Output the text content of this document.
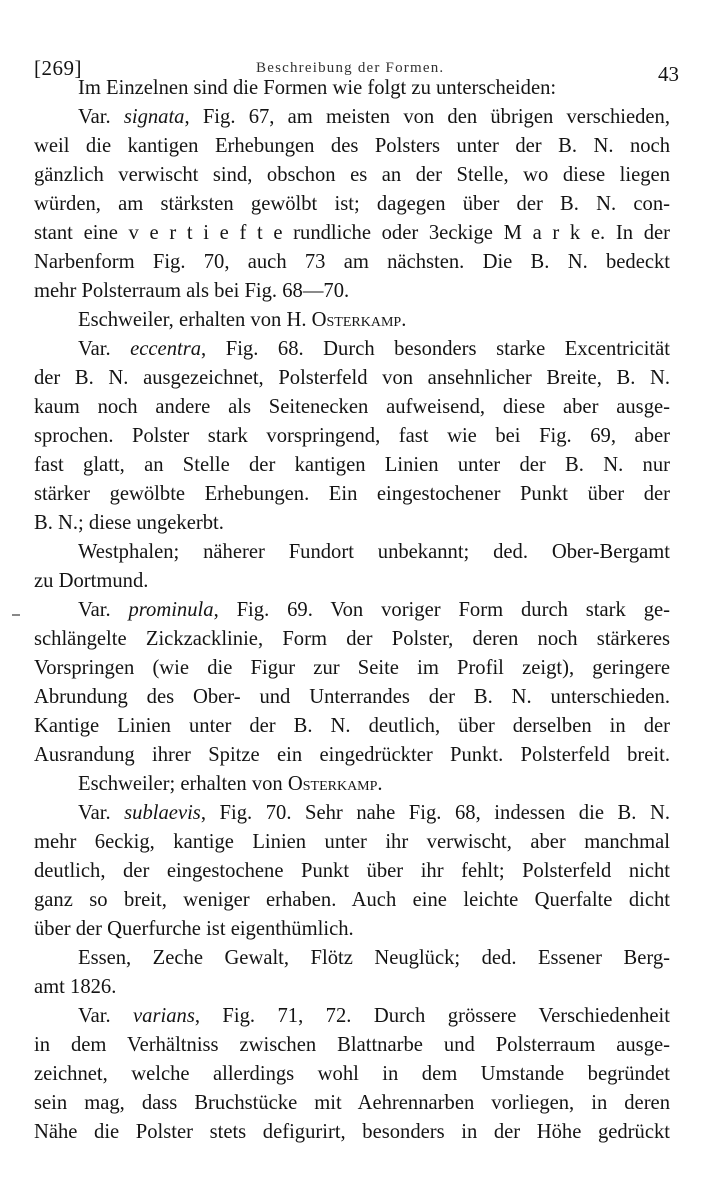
[269]	Beschreibung der Formen.	43
Im Einzelnen sind die Formen wie folgt zu unterscheiden:
Var. signata, Fig. 67, am meisten von den übrigen verschieden,
weil die kantigen Erhebungen des Polsters unter der B. N. noch
gänzlich verwischt sind, obschon es an der Stelle, wo diese liegen
würden, am stärksten gewölbt ist; dagegen über der B. N. con-
stant eine v e r t i e f t e rundliche oder 3eckige M a r k e. In der
Narbenform Fig. 70, auch 73 am nächsten. Die B. N. bedeckt
mehr Polsterraum als bei Fig. 68—70.
Eschweiler, erhalten von H. Osterkamp.
Var. eccentra, Fig. 68. Durch besonders starke Excentricität
der B. N. ausgezeichnet, Polsterfeld von ansehnlicher Breite, B. N.
kaum noch andere als Seitenecken aufweisend, diese aber ausge-
sprochen. Polster stark vorspringend, fast wie bei Fig. 69, aber
fast glatt, an Stelle der kantigen Linien unter der B. N. nur
stärker gewölbte Erhebungen. Ein eingestochener Punkt über der
B. N.; diese ungekerbt.
Westphalen; näherer Fundort unbekannt; ded. Ober-Bergamt
zu Dortmund.
Var. prominula, Fig. 69. Von voriger Form durch stark ge-
schlängelte Zickzacklinie, Form der Polster, deren noch stärkeres
Vorspringen (wie die Figur zur Seite im Profil zeigt), geringere
Abrundung des Ober- und Unterrandes der B. N. unterschieden.
Kantige Linien unter der B. N. deutlich, über derselben in der
Ausrandung ihrer Spitze ein eingedrückter Punkt. Polsterfeld breit.
Eschweiler; erhalten von Osterkamp.
Var. sublaevis, Fig. 70. Sehr nahe Fig. 68, indessen die B. N.
mehr 6eckig, kantige Linien unter ihr verwischt, aber manchmal
deutlich, der eingestochene Punkt über ihr fehlt; Polsterfeld nicht
ganz so breit, weniger erhaben. Auch eine leichte Querfalte dicht
über der Querfurche ist eigenthümlich.
Essen, Zeche Gewalt, Flötz Neuglück; ded. Essener Berg-
amt 1826.
Var. varians, Fig. 71, 72. Durch grössere Verschiedenheit
in dem Verhältniss zwischen Blattnarbe und Polsterraum ausge-
zeichnet, welche allerdings wohl in dem Umstande begründet
sein mag, dass Bruchstücke mit Aehrennarben vorliegen, in deren
Nähe die Polster stets defigurirt, besonders in der Höhe gedrückt
